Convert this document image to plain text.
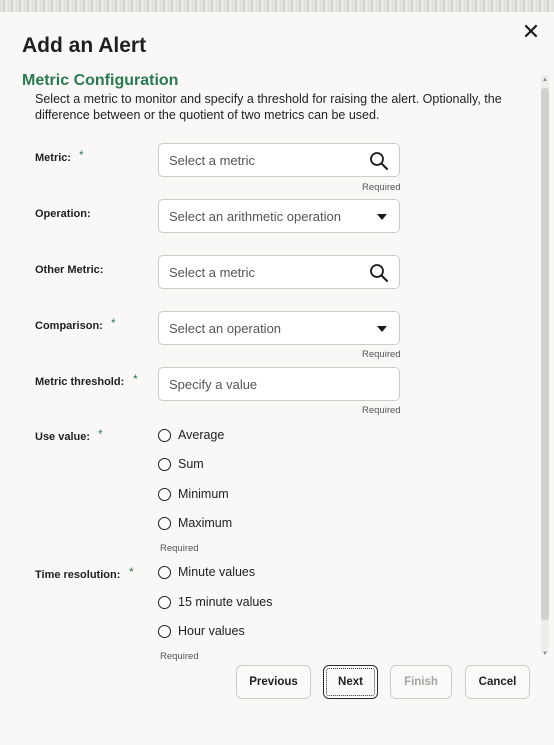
✕
Add an Alert
Metric Configuration	▲
▼
Select a metric to monitor and specify a threshold for raising the alert. Optionally, the difference between or the quotient of two metrics can be used.
Metric: *	Select a metric
Required
Operation:	Select an arithmetic operation
Other Metric:	Select a metric
Comparison: *	Select an operation
Required
Metric threshold: * Specify a value
Required
Use value: *	Average
Sum
Minimum
Maximum
Required
Time resolution: *	Minute values
15 minute values
Hour values
Required
Previous	Next	Finish	Cancel
